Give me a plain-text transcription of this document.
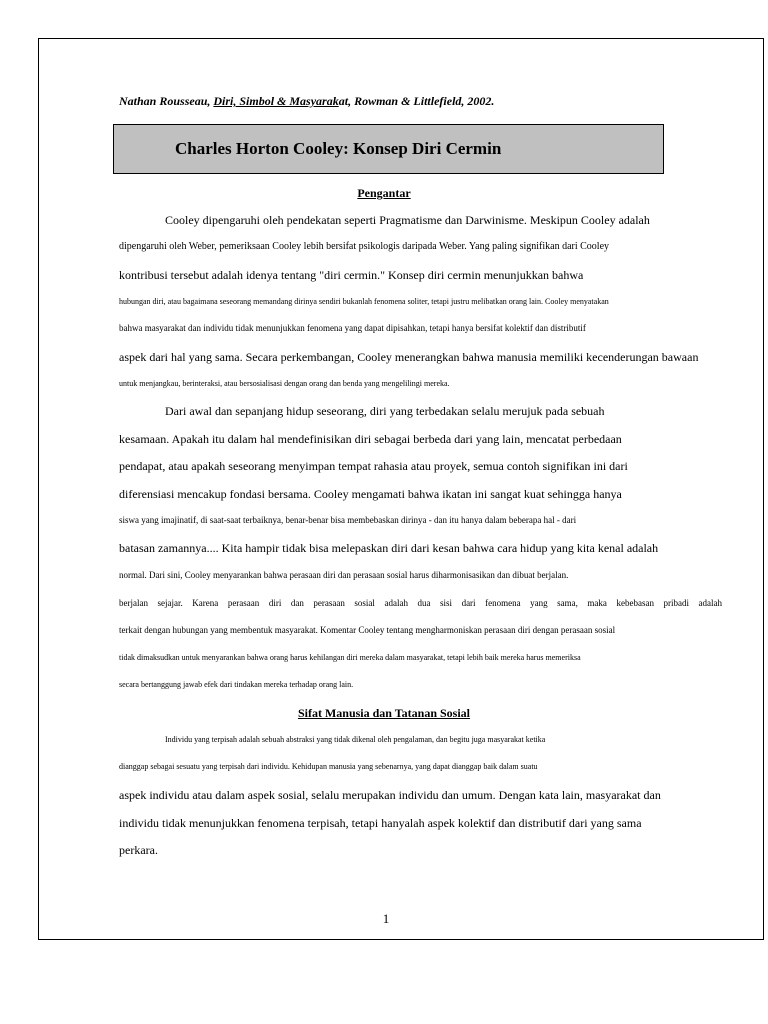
Nathan Rousseau, Diri, Simbol & Masyarakat, Rowman & Littlefield, 2002.
Charles Horton Cooley: Konsep Diri Cermin
Pengantar
Cooley dipengaruhi oleh pendekatan seperti Pragmatisme dan Darwinisme. Meskipun Cooley adalah
dipengaruhi oleh Weber, pemeriksaan Cooley lebih bersifat psikologis daripada Weber. Yang paling signifikan dari Cooley
kontribusi tersebut adalah idenya tentang "diri cermin." Konsep diri cermin menunjukkan bahwa
hubungan diri, atau bagaimana seseorang memandang dirinya sendiri bukanlah fenomena soliter, tetapi justru melibatkan orang lain. Cooley menyatakan
bahwa masyarakat dan individu tidak menunjukkan fenomena yang dapat dipisahkan, tetapi hanya bersifat kolektif dan distributif
aspek dari hal yang sama. Secara perkembangan, Cooley menerangkan bahwa manusia memiliki kecenderungan bawaan
untuk menjangkau, berinteraksi, atau bersosialisasi dengan orang dan benda yang mengelilingi mereka.
Dari awal dan sepanjang hidup seseorang, diri yang terbedakan selalu merujuk pada sebuah
kesamaan. Apakah itu dalam hal mendefinisikan diri sebagai berbeda dari yang lain, mencatat perbedaan
pendapat, atau apakah seseorang menyimpan tempat rahasia atau proyek, semua contoh signifikan ini dari
diferensiasi mencakup fondasi bersama. Cooley mengamati bahwa ikatan ini sangat kuat sehingga hanya
siswa yang imajinatif, di saat-saat terbaiknya, benar-benar bisa membebaskan dirinya - dan itu hanya dalam beberapa hal - dari
batasan zamannya.... Kita hampir tidak bisa melepaskan diri dari kesan bahwa cara hidup yang kita kenal adalah
normal. Dari sini, Cooley menyarankan bahwa perasaan diri dan perasaan sosial harus diharmonisasikan dan dibuat berjalan.
berjalan sejajar. Karena perasaan diri dan perasaan sosial adalah dua sisi dari fenomena yang sama, maka kebebasan pribadi adalah
terkait dengan hubungan yang membentuk masyarakat. Komentar Cooley tentang mengharmoniskan perasaan diri dengan perasaan sosial
tidak dimaksudkan untuk menyarankan bahwa orang harus kehilangan diri mereka dalam masyarakat, tetapi lebih baik mereka harus memeriksa
secara bertanggung jawab efek dari tindakan mereka terhadap orang lain.
Sifat Manusia dan Tatanan Sosial
Individu yang terpisah adalah sebuah abstraksi yang tidak dikenal oleh pengalaman, dan begitu juga masyarakat ketika
dianggap sebagai sesuatu yang terpisah dari individu. Kehidupan manusia yang sebenarnya, yang dapat dianggap baik dalam suatu
aspek individu atau dalam aspek sosial, selalu merupakan individu dan umum. Dengan kata lain, masyarakat dan
individu tidak menunjukkan fenomena terpisah, tetapi hanyalah aspek kolektif dan distributif dari yang sama
perkara.
1
